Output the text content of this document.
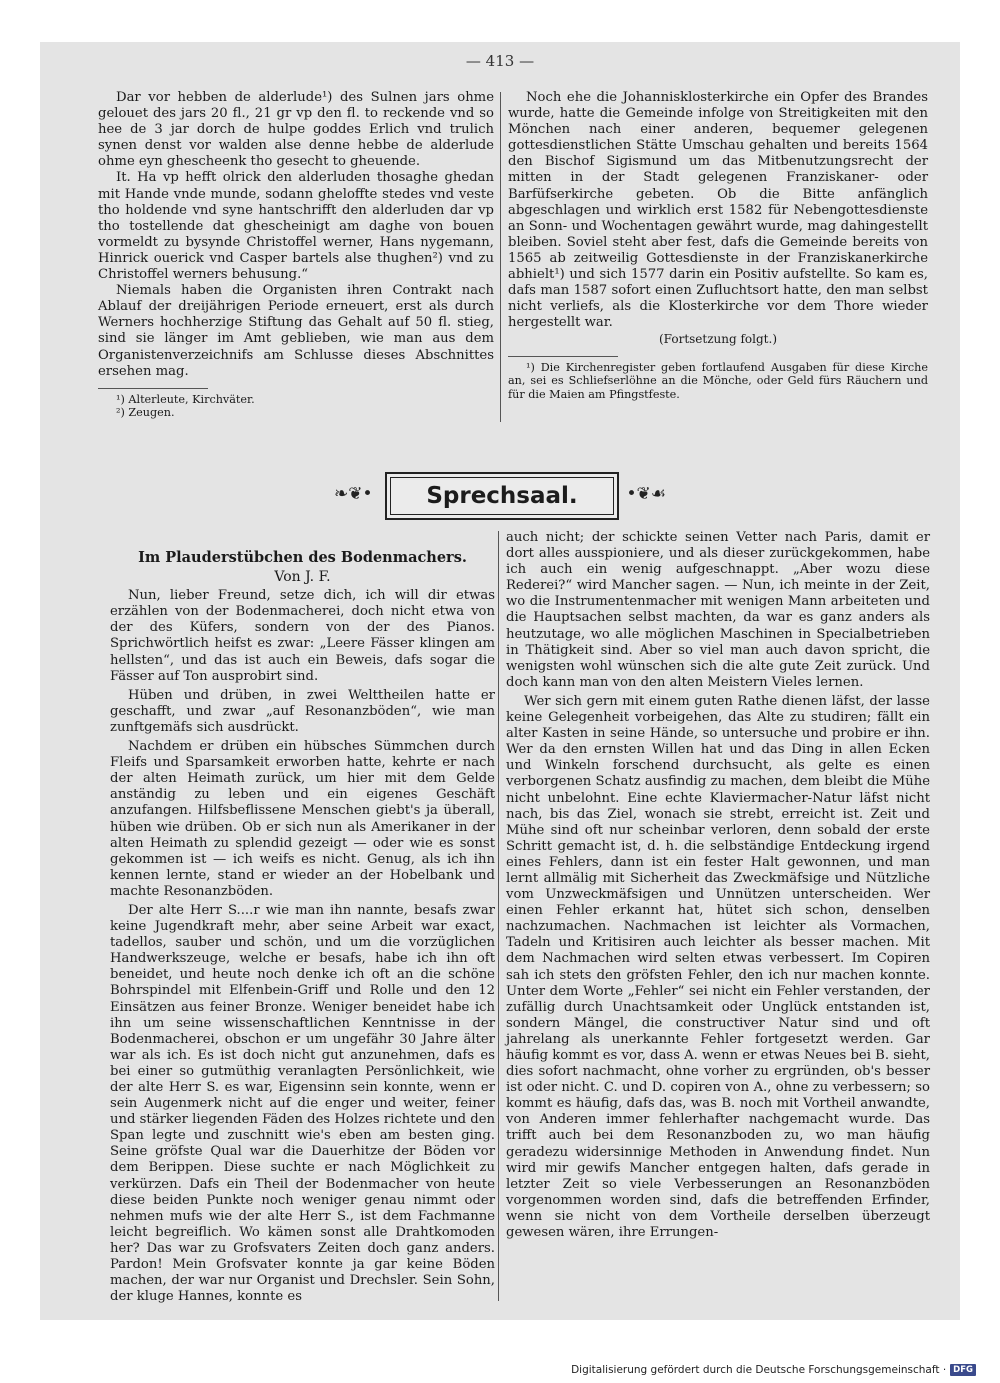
— 413 —

Dar vor hebben de alderlude¹) des Sulnen jars ohme gelouet des jars 20 fl., 21 gr vp den fl. to reckende vnd so hee de 3 jar dorch de hulpe goddes Erlich vnd trulich synen denst vor walden alse denne hebbe de alderlude ohme eyn ghescheenk tho gesecht to gheuende.

It. Ha vp hefft olrick den alderluden thosaghe ghedan mit Hande vnde munde, sodann gheloffte stedes vnd veste tho holdende vnd syne hantschrifft den alderluden dar vp tho tostellende dat ghescheinigt am daghe von bouen vormeldt zu bysynde Christoffel werner, Hans nygemann, Hinrick ouerick vnd Casper bartels alse thughen²) vnd zu Christoffel werners behusung.“

Niemals haben die Organisten ihren Contrakt nach Ablauf der dreijährigen Periode erneuert, erst als durch Werners hochherzige Stiftung das Gehalt auf 50 fl. stieg, sind sie länger im Amt geblieben, wie man aus dem Organistenverzeichnifs am Schlusse dieses Abschnittes ersehen mag.

¹) Alterleute, Kirchväter.

²) Zeugen.

Noch ehe die Johannisklosterkirche ein Opfer des Brandes wurde, hatte die Gemeinde infolge von Streitigkeiten mit den Mönchen nach einer anderen, bequemer gelegenen gottesdienstlichen Stätte Umschau gehalten und bereits 1564 den Bischof Sigismund um das Mitbenutzungsrecht der mitten in der Stadt gelegenen Franziskaner- oder Barfüfserkirche gebeten. Ob die Bitte anfänglich abgeschlagen und wirklich erst 1582 für Nebengottesdienste an Sonn- und Wochentagen gewährt wurde, mag dahingestellt bleiben. Soviel steht aber fest, dafs die Gemeinde bereits von 1565 ab zeitweilig Gottesdienste in der Franziskanerkirche abhielt¹) und sich 1577 darin ein Positiv aufstellte. So kam es, dafs man 1587 sofort einen Zufluchtsort hatte, den man selbst nicht verliefs, als die Klosterkirche vor dem Thore wieder hergestellt war.

(Fortsetzung folgt.)

¹) Die Kirchenregister geben fortlaufend Ausgaben für diese Kirche an, sei es Schliefserlöhne an die Mönche, oder Geld fürs Räuchern und für die Maien am Pfingstfeste.

❧❦•	Sprechsaal.	•❦☙

Im Plauderstübchen des Bodenmachers.

Von J. F.

Nun, lieber Freund, setze dich, ich will dir etwas erzählen von der Bodenmacherei, doch nicht etwa von der des Küfers, sondern von der des Pianos. Sprichwörtlich heifst es zwar: „Leere Fässer klingen am hellsten“, und das ist auch ein Beweis, dafs sogar die Fässer auf Ton ausprobirt sind.

Hüben und drüben, in zwei Welttheilen hatte er geschafft, und zwar „auf Resonanzböden“, wie man zunftgemäfs sich ausdrückt.

Nachdem er drüben ein hübsches Sümmchen durch Fleifs und Sparsamkeit erworben hatte, kehrte er nach der alten Heimath zurück, um hier mit dem Gelde anständig zu leben und ein eigenes Geschäft anzufangen. Hilfsbeflissene Menschen giebt's ja überall, hüben wie drüben. Ob er sich nun als Amerikaner in der alten Heimath zu splendid gezeigt — oder wie es sonst gekommen ist — ich weifs es nicht. Genug, als ich ihn kennen lernte, stand er wieder an der Hobelbank und machte Resonanzböden.

Der alte Herr S....r wie man ihn nannte, besafs zwar keine Jugendkraft mehr, aber seine Arbeit war exact, tadellos, sauber und schön, und um die vorzüglichen Handwerkszeuge, welche er besafs, habe ich ihn oft beneidet, und heute noch denke ich oft an die schöne Bohrspindel mit Elfenbein-Griff und Rolle und den 12 Einsätzen aus feiner Bronze. Weniger beneidet habe ich ihn um seine wissenschaftlichen Kenntnisse in der Bodenmacherei, obschon er um ungefähr 30 Jahre älter war als ich. Es ist doch nicht gut anzunehmen, dafs es bei einer so gutmüthig veranlagten Persönlichkeit, wie der alte Herr S. es war, Eigensinn sein konnte, wenn er sein Augenmerk nicht auf die enger und weiter, feiner und stärker liegenden Fäden des Holzes richtete und den Span legte und zuschnitt wie's eben am besten ging. Seine gröfste Qual war die Dauerhitze der Böden vor dem Berippen. Diese suchte er nach Möglichkeit zu verkürzen. Dafs ein Theil der Bodenmacher von heute diese beiden Punkte noch weniger genau nimmt oder nehmen mufs wie der alte Herr S., ist dem Fachmanne leicht begreiflich. Wo kämen sonst alle Drahtkomoden her? Das war zu Grofsvaters Zeiten doch ganz anders. Pardon! Mein Grofsvater konnte ja gar keine Böden machen, der war nur Organist und Drechsler. Sein Sohn, der kluge Hannes, konnte es

auch nicht; der schickte seinen Vetter nach Paris, damit er dort alles ausspioniere, und als dieser zurückgekommen, habe ich auch ein wenig aufgeschnappt. „Aber wozu diese Rederei?“ wird Mancher sagen. — Nun, ich meinte in der Zeit, wo die Instrumentenmacher mit wenigen Mann arbeiteten und die Hauptsachen selbst machten, da war es ganz anders als heutzutage, wo alle möglichen Maschinen in Specialbetrieben in Thätigkeit sind. Aber so viel man auch davon spricht, die wenigsten wohl wünschen sich die alte gute Zeit zurück. Und doch kann man von den alten Meistern Vieles lernen.

Wer sich gern mit einem guten Rathe dienen läfst, der lasse keine Gelegenheit vorbeigehen, das Alte zu studiren; fällt ein alter Kasten in seine Hände, so untersuche und probire er ihn. Wer da den ernsten Willen hat und das Ding in allen Ecken und Winkeln forschend durchsucht, als gelte es einen verborgenen Schatz ausfindig zu machen, dem bleibt die Mühe nicht unbelohnt. Eine echte Klaviermacher-Natur läfst nicht nach, bis das Ziel, wonach sie strebt, erreicht ist. Zeit und Mühe sind oft nur scheinbar verloren, denn sobald der erste Schritt gemacht ist, d. h. die selbständige Entdeckung irgend eines Fehlers, dann ist ein fester Halt gewonnen, und man lernt allmälig mit Sicherheit das Zweckmäfsige und Nützliche vom Unzweckmäfsigen und Unnützen unterscheiden. Wer einen Fehler erkannt hat, hütet sich schon, denselben nachzumachen. Nachmachen ist leichter als Vormachen, Tadeln und Kritisiren auch leichter als besser machen. Mit dem Nachmachen wird selten etwas verbessert. Im Copiren sah ich stets den gröfsten Fehler, den ich nur machen konnte. Unter dem Worte „Fehler“ sei nicht ein Fehler verstanden, der zufällig durch Unachtsamkeit oder Unglück entstanden ist, sondern Mängel, die constructiver Natur sind und oft jahrelang als unerkannte Fehler fortgesetzt werden. Gar häufig kommt es vor, dass A. wenn er etwas Neues bei B. sieht, dies sofort nachmacht, ohne vorher zu ergründen, ob's besser ist oder nicht. C. und D. copiren von A., ohne zu verbessern; so kommt es häufig, dafs das, was B. noch mit Vortheil anwandte, von Anderen immer fehlerhafter nachgemacht wurde. Das trifft auch bei dem Resonanzboden zu, wo man häufig geradezu widersinnige Methoden in Anwendung findet. Nun wird mir gewifs Mancher entgegen halten, dafs gerade in letzter Zeit so viele Verbesserungen an Resonanzböden vorgenommen worden sind, dafs die betreffenden Erfinder, wenn sie nicht von dem Vortheile derselben überzeugt gewesen wären, ihre Errungen-

Digitalisierung gefördert durch die Deutsche Forschungsgemeinschaft · DFG
